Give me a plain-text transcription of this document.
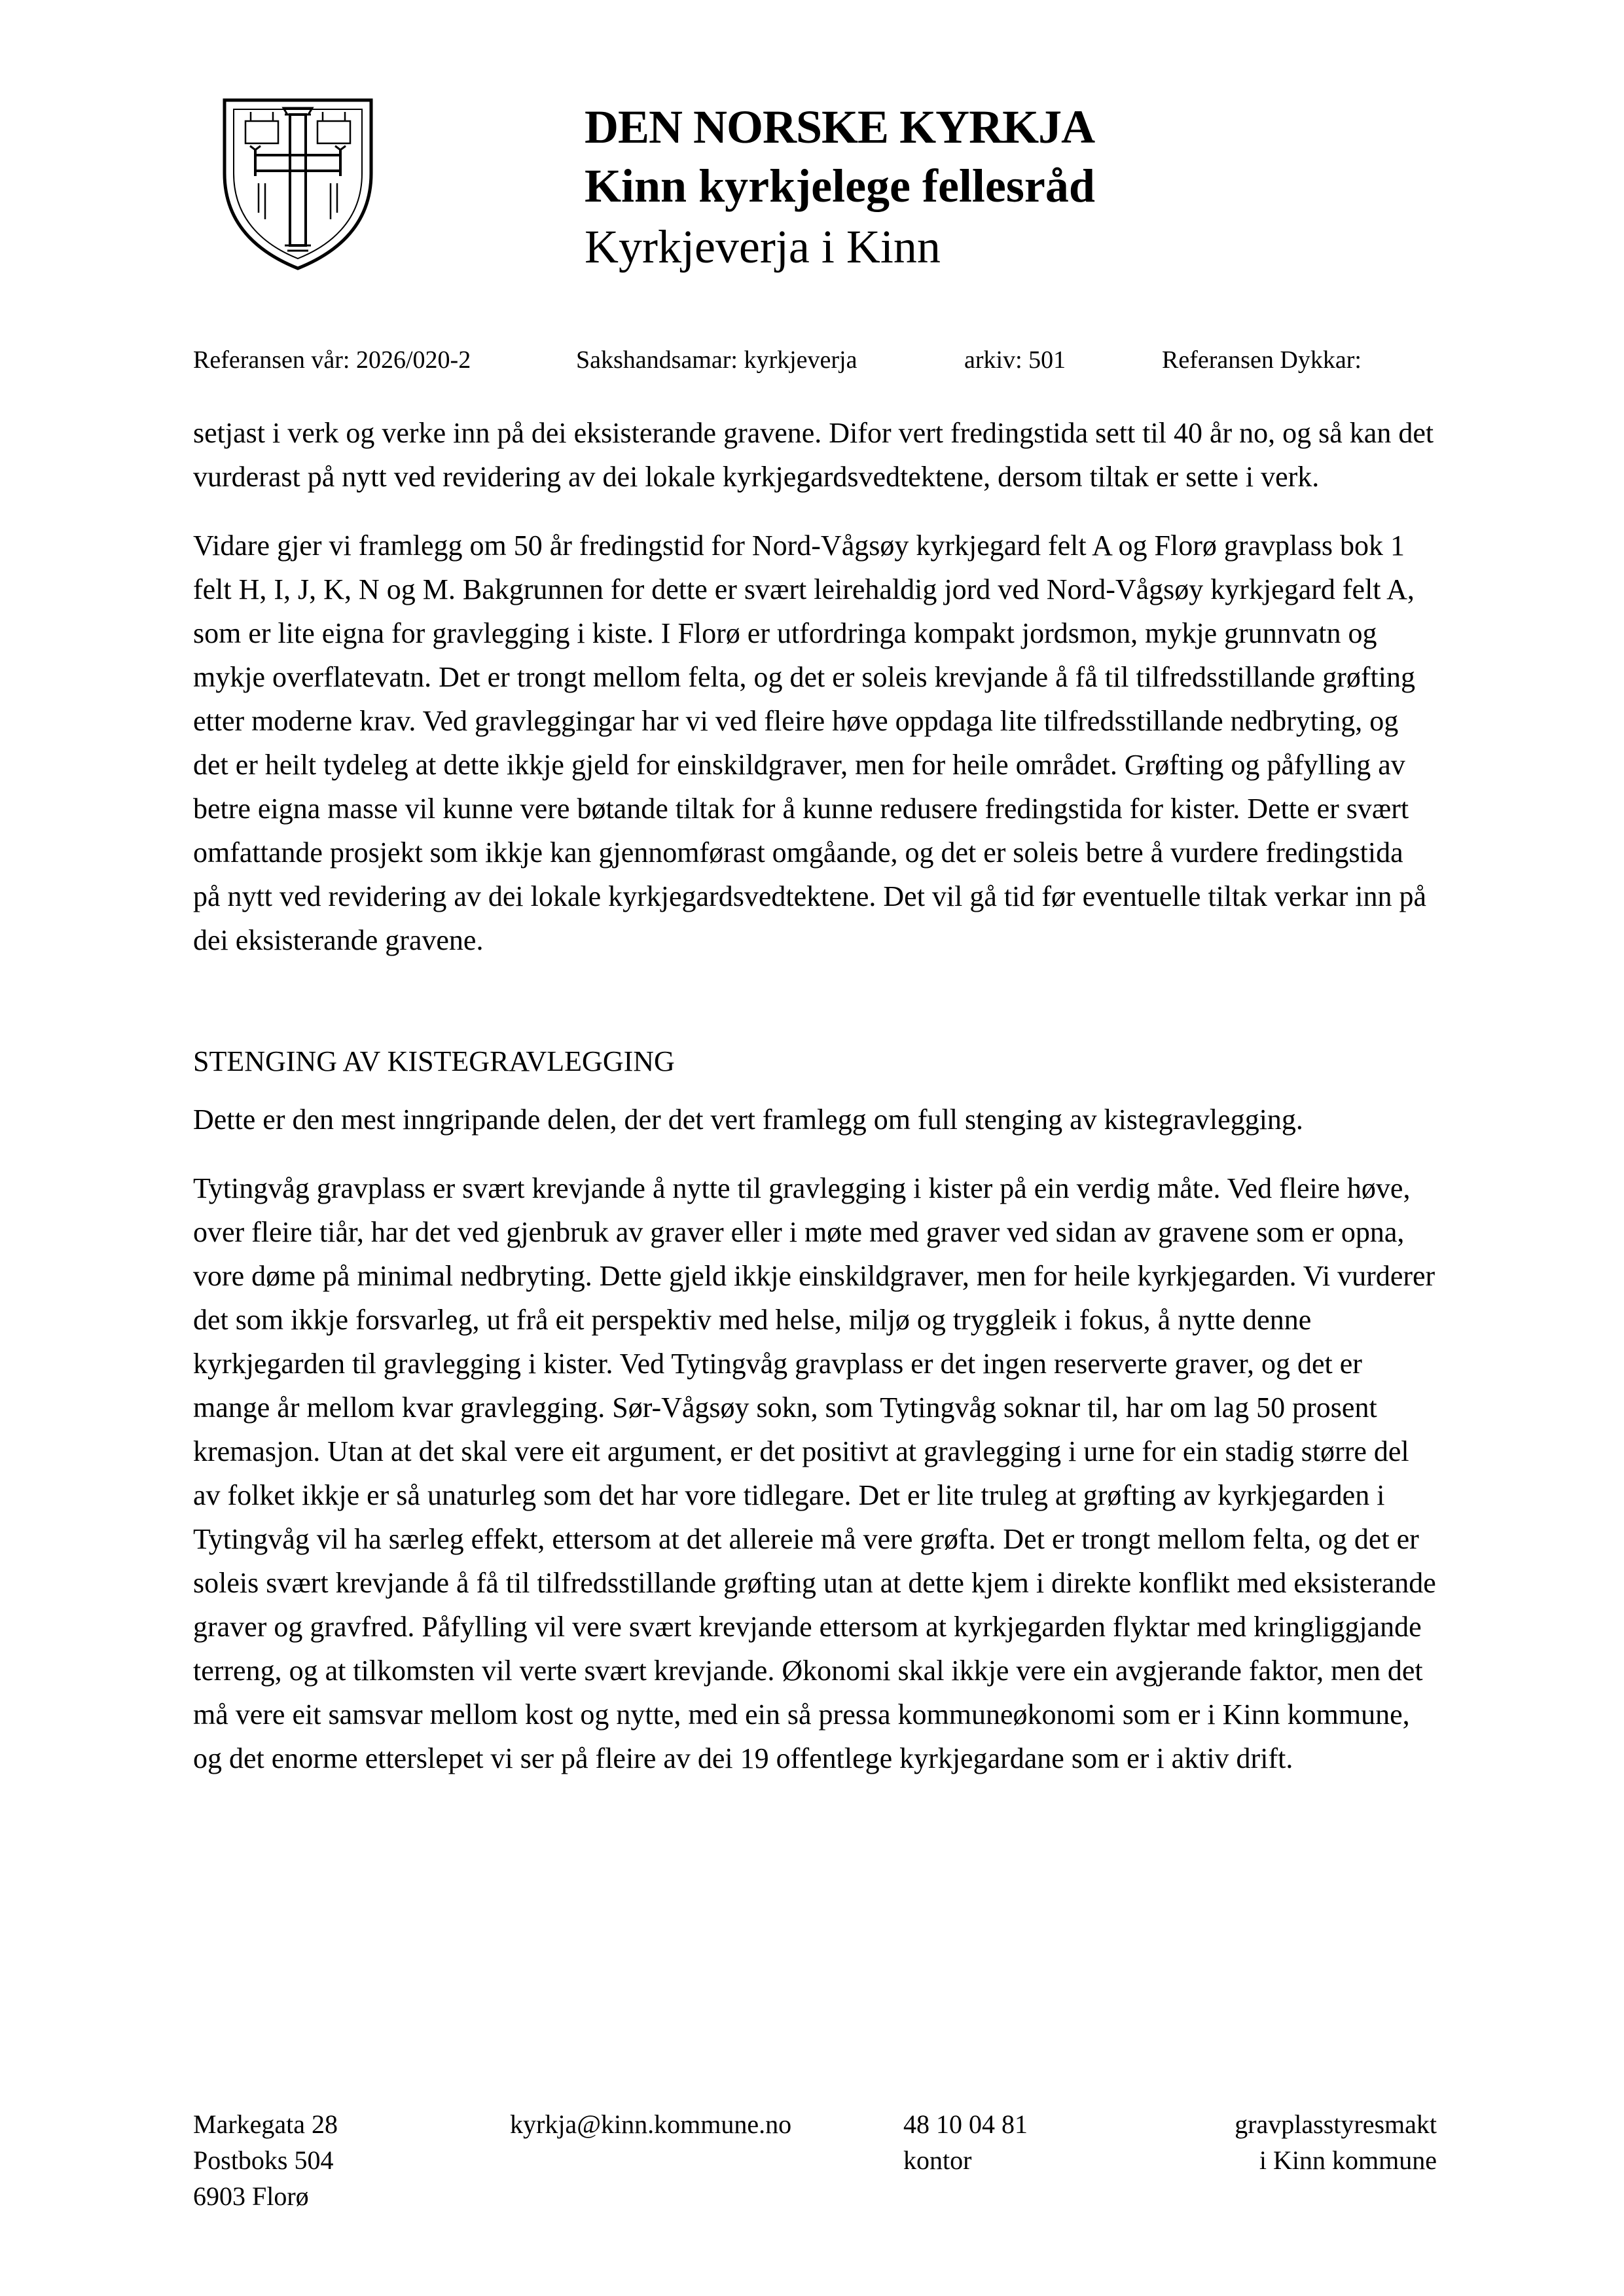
DEN NORSKE KYRKJA
Kinn kyrkjelege fellesråd
Kyrkjeverja i Kinn
Referansen vår: 2026/020-2	Sakshandsamar: kyrkjeverja	arkiv: 501	Referansen Dykkar:

setjast i verk og verke inn på dei eksisterande gravene. Difor vert fredingstida sett til 40 år no, og så kan det vurderast på nytt ved revidering av dei lokale kyrkjegardsvedtektene, dersom tiltak er sette i verk.

Vidare gjer vi framlegg om 50 år fredingstid for Nord-Vågsøy kyrkjegard felt A og Florø gravplass bok 1 felt H, I, J, K, N og M. Bakgrunnen for dette er svært leirehaldig jord ved Nord-Vågsøy kyrkjegard felt A, som er lite eigna for gravlegging i kiste. I Florø er utfordringa kompakt jordsmon, mykje grunnvatn og mykje overflatevatn. Det er trongt mellom felta, og det er soleis krevjande å få til tilfredsstillande grøfting etter moderne krav. Ved gravleggingar har vi ved fleire høve oppdaga lite tilfredsstillande nedbryting, og det er heilt tydeleg at dette ikkje gjeld for einskildgraver, men for heile området. Grøfting og påfylling av betre eigna masse vil kunne vere bøtande tiltak for å kunne redusere fredingstida for kister. Dette er svært omfattande prosjekt som ikkje kan gjennomførast omgåande, og det er soleis betre å vurdere fredingstida på nytt ved revidering av dei lokale kyrkjegardsvedtektene. Det vil gå tid før eventuelle tiltak verkar inn på dei eksisterande gravene.

STENGING AV KISTEGRAVLEGGING

Dette er den mest inngripande delen, der det vert framlegg om full stenging av kistegravlegging.

Tytingvåg gravplass er svært krevjande å nytte til gravlegging i kister på ein verdig måte. Ved fleire høve, over fleire tiår, har det ved gjenbruk av graver eller i møte med graver ved sidan av gravene som er opna, vore døme på minimal nedbryting. Dette gjeld ikkje einskildgraver, men for heile kyrkjegarden. Vi vurderer det som ikkje forsvarleg, ut frå eit perspektiv med helse, miljø og tryggleik i fokus, å nytte denne kyrkjegarden til gravlegging i kister. Ved Tytingvåg gravplass er det ingen reserverte graver, og det er mange år mellom kvar gravlegging. Sør-Vågsøy sokn, som Tytingvåg soknar til, har om lag 50 prosent kremasjon. Utan at det skal vere eit argument, er det positivt at gravlegging i urne for ein stadig større del av folket ikkje er så unaturleg som det har vore tidlegare. Det er lite truleg at grøfting av kyrkjegarden i Tytingvåg vil ha særleg effekt, ettersom at det allereie må vere grøfta. Det er trongt mellom felta, og det er soleis svært krevjande å få til tilfredsstillande grøfting utan at dette kjem i direkte konflikt med eksisterande graver og gravfred. Påfylling vil vere svært krevjande ettersom at kyrkjegarden flyktar med kringliggjande terreng, og at tilkomsten vil verte svært krevjande. Økonomi skal ikkje vere ein avgjerande faktor, men det må vere eit samsvar mellom kost og nytte, med ein så pressa kommuneøkonomi som er i Kinn kommune, og det enorme etterslepet vi ser på fleire av dei 19 offentlege kyrkjegardane som er i aktiv drift.

Markegata 28
Postboks 504
6903 Florø
kyrkja@kinn.kommune.no	48 10 04 81
kontor
gravplasstyresmakt
i Kinn kommune
